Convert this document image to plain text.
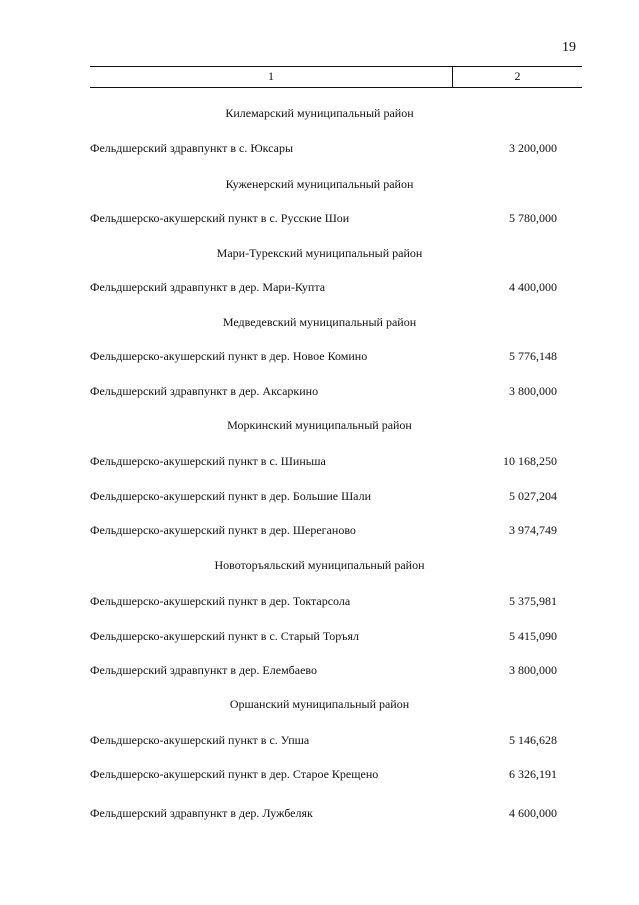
19
1	2
Килемарский муниципальный район
Фельдшерский здравпункт в с. Юксары	3 200,000
Куженерский муниципальный район
Фельдшерско-акушерский пункт в с. Русские Шои	5 780,000
Мари-Турекский муниципальный район
Фельдшерский здравпункт в дер. Мари-Купта	4 400,000
Медведевский муниципальный район
Фельдшерско-акушерский пункт в дер. Новое Комино	5 776,148
Фельдшерский здравпункт в дер. Аксаркино	3 800,000
Моркинский муниципальный район
Фельдшерско-акушерский пункт в с. Шиньша	10 168,250
Фельдшерско-акушерский пункт в дер. Большие Шали	5 027,204
Фельдшерско-акушерский пункт в дер. Шереганово	3 974,749
Новоторъяльский муниципальный район
Фельдшерско-акушерский пункт в дер. Токтарсола	5 375,981
Фельдшерско-акушерский пункт в с. Старый Торъял	5 415,090
Фельдшерский здравпункт в дер. Елембаево	3 800,000
Оршанский муниципальный район
Фельдшерско-акушерский пункт в с. Упша	5 146,628
Фельдшерско-акушерский пункт в дер. Старое Крещено	6 326,191
Фельдшерский здравпункт в дер. Лужбеляк	4 600,000
